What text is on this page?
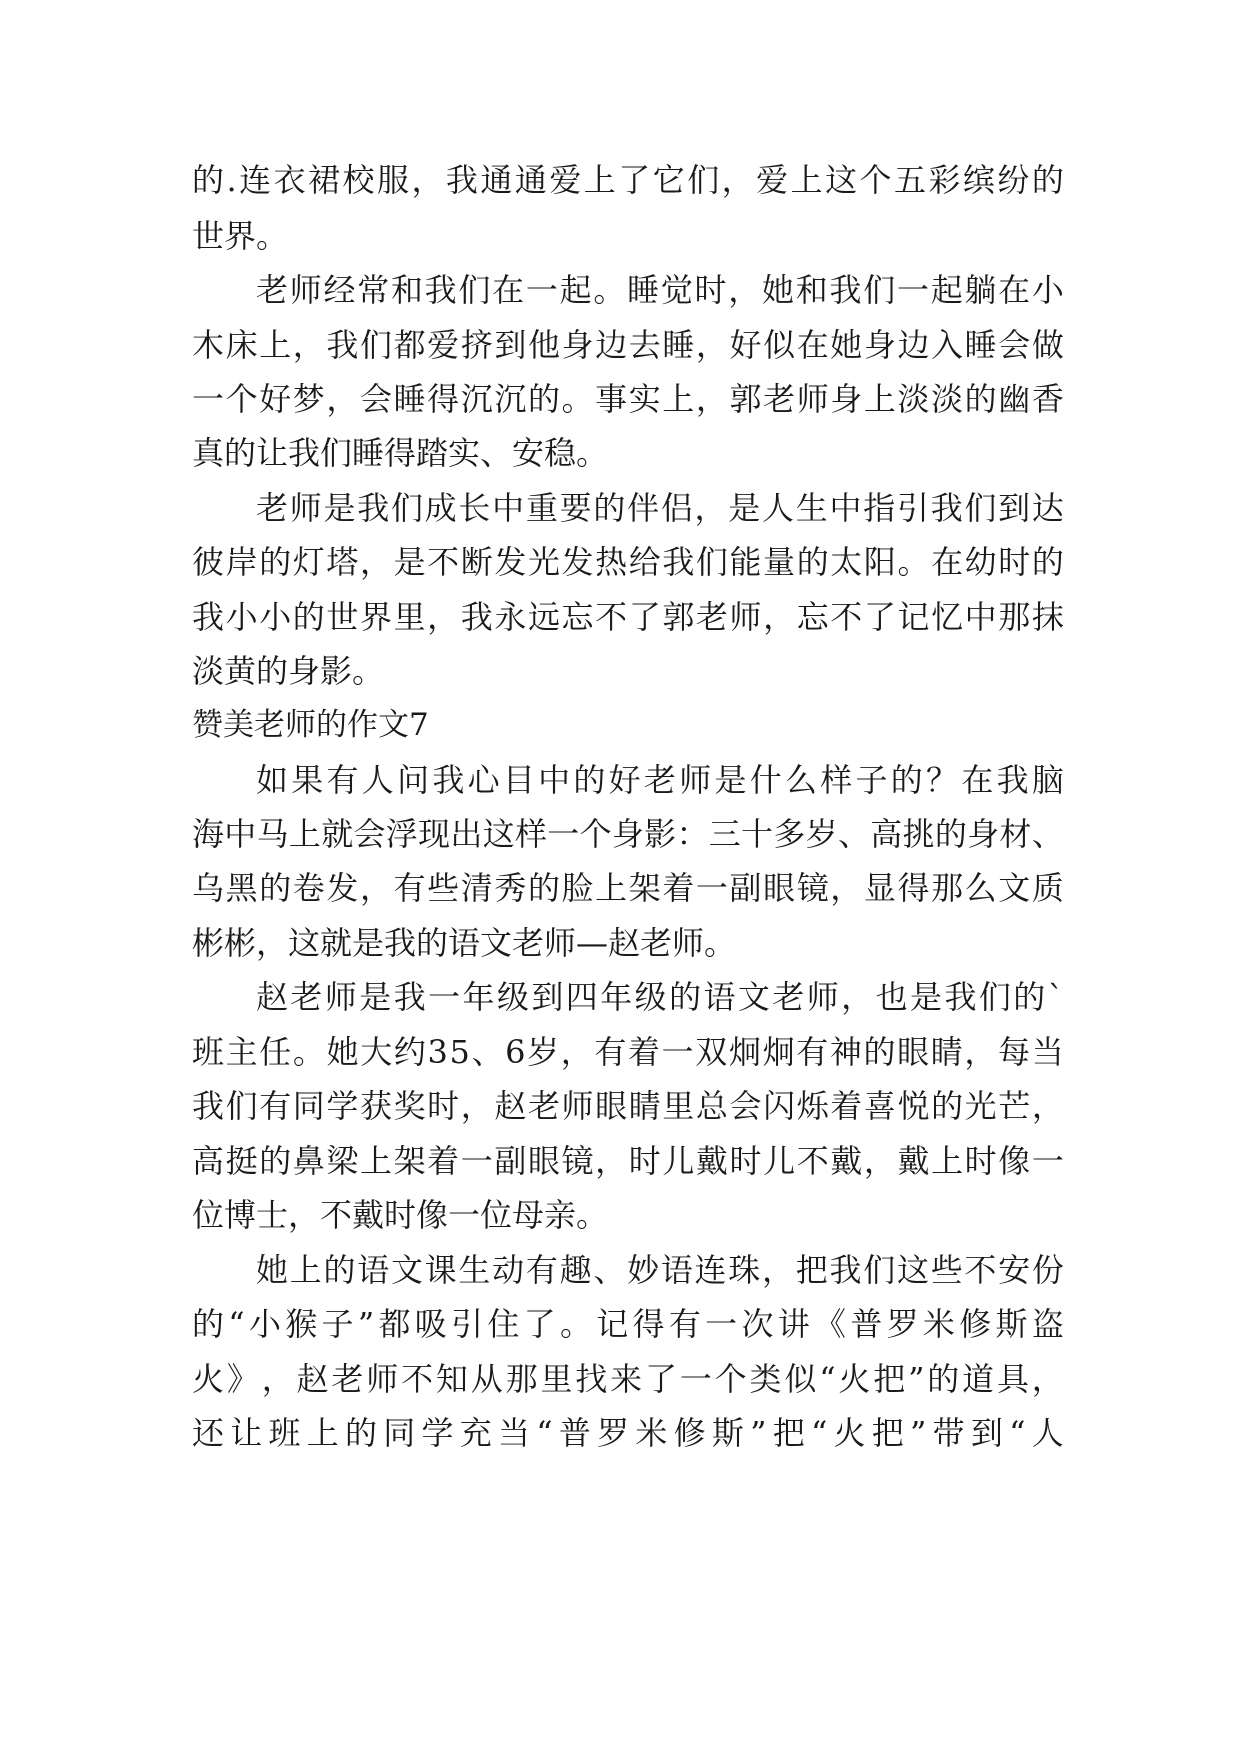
的 . 连 衣 裙 校 服 ， 我 通 通 爱 上 了 它 们 ， 爱 上 这 个 五 彩 缤 纷 的
世界。
老 师 经 常 和 我 们 在 一 起 。 睡 觉 时 ， 她 和 我 们 一 起 躺 在 小
木 床 上 ， 我 们 都 爱 挤 到 他 身 边 去 睡 ， 好 似 在 她 身 边 入 睡 会 做
一 个 好 梦 ， 会 睡 得 沉 沉 的 。 事 实 上 ， 郭 老 师 身 上 淡 淡 的 幽 香
真的让我们睡得踏实、安稳。
老 师 是 我 们 成 长 中 重 要 的 伴 侣 ， 是 人 生 中 指 引 我 们 到 达
彼 岸 的 灯 塔 ， 是 不 断 发 光 发 热 给 我 们 能 量 的 太 阳 。 在 幼 时 的
我 小 小 的 世 界 里 ， 我 永 远 忘 不 了 郭 老 师 ， 忘 不 了 记 忆 中 那 抹
淡黄的身影。
赞美老师的作文7
如 果 有 人 问 我 心 目 中 的 好 老 师 是 什 么 样 子 的 ？ 在 我 脑
海 中 马 上 就 会 浮 现 出 这 样 一 个 身 影 ： 三 十 多 岁 、 高 挑 的 身 材 、
乌 黑 的 卷 发 ， 有 些 清 秀 的 脸 上 架 着 一 副 眼 镜 ， 显 得 那 么 文 质
彬彬，这就是我的语文老师—赵老师。
赵 老 师 是 我 一 年 级 到 四 年 级 的 语 文 老 师 ， 也 是 我 们 的 `
班 主 任 。 她 大 约 3 5 、 6 岁 ， 有 着 一 双 炯 炯 有 神 的 眼 睛 ， 每 当
我 们 有 同 学 获 奖 时 ， 赵 老 师 眼 睛 里 总 会 闪 烁 着 喜 悦 的 光 芒 ，
高 挺 的 鼻 梁 上 架 着 一 副 眼 镜 ， 时 儿 戴 时 儿 不 戴 ， 戴 上 时 像 一
位博士，不戴时像一位母亲。
她 上 的 语 文 课 生 动 有 趣 、 妙 语 连 珠 ， 把 我 们 这 些 不 安 份
的 “ 小 猴 子 ” 都 吸 引 住 了 。 记 得 有 一 次 讲 《 普 罗 米 修 斯 盗
火 》 ， 赵 老 师 不 知 从 那 里 找 来 了 一 个 类 似 “ 火 把 ” 的 道 具 ，
还 让 班 上 的 同 学 充 当 “ 普 罗 米 修 斯 ” 把 “ 火 把 ” 带 到 “ 人
